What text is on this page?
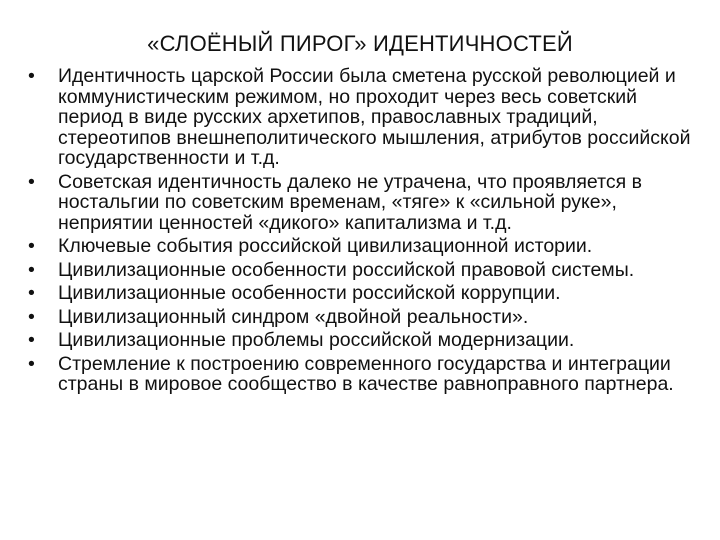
«СЛОЁНЫЙ ПИРОГ» ИДЕНТИЧНОСТЕЙ
• Идентичность царской России была сметена русской революцией и коммунистическим режимом, но проходит через весь советский период в виде русских архетипов, православных традиций, стереотипов внешнеполитического мышления, атрибутов российской государственности и т.д.
• Советская идентичность далеко не утрачена, что проявляется в ностальгии по советским временам, «тяге» к «сильной руке», неприятии ценностей «дикого» капитализма и т.д.
• Ключевые события российской цивилизационной истории.
• Цивилизационные особенности российской правовой системы.
• Цивилизационные особенности российской коррупции.
• Цивилизационный синдром «двойной реальности».
• Цивилизационные проблемы российской модернизации.
• Стремление к построению современного государства и интеграции страны в мировое сообщество в качестве равноправного партнера.
